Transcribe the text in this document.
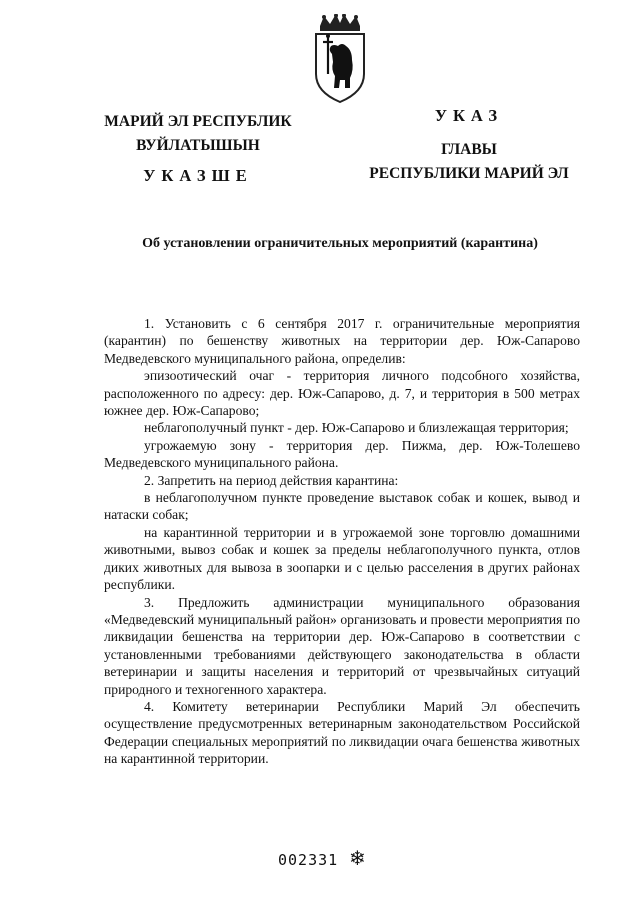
МАРИЙ ЭЛ РЕСПУБЛИК
ВУЙЛАТЫШЫН
УКАЗШЕ
УКАЗ
ГЛАВЫ
РЕСПУБЛИКИ МАРИЙ ЭЛ
Об установлении ограничительных мероприятий (карантина)

1. Установить с 6 сентября 2017 г. ограничительные мероприятия (карантин) по бешенству животных на территории дер. Юж-Сапарово Медведевского муниципального района, определив:

эпизоотический очаг - территория личного подсобного хозяйства, расположенного по адресу: дер. Юж-Сапарово, д. 7, и территория в 500 метрах южнее дер. Юж-Сапарово;

неблагополучный пункт - дер. Юж-Сапарово и близлежащая территория;

угрожаемую зону - территория дер. Пижма, дер. Юж-Толешево Медведевского муниципального района.

2. Запретить на период действия карантина:

в неблагополучном пункте проведение выставок собак и кошек, вывод и натаски собак;

на карантинной территории и в угрожаемой зоне торговлю домашними животными, вывоз собак и кошек за пределы неблагополучного пункта, отлов диких животных для вывоза в зоопарки и с целью расселения в других районах республики.

3. Предложить администрации муниципального образования «Медведевский муниципальный район» организовать и провести мероприятия по ликвидации бешенства на территории дер. Юж-Сапарово в соответствии с установленными требованиями действующего законодательства в области ветеринарии и защиты населения и территорий от чрезвычайных ситуаций природного и техногенного характера.

4. Комитету ветеринарии Республики Марий Эл обеспечить осуществление предусмотренных ветеринарным законодательством Российской Федерации специальных мероприятий по ликвидации очага бешенства животных на карантинной территории.

002331 ❄
